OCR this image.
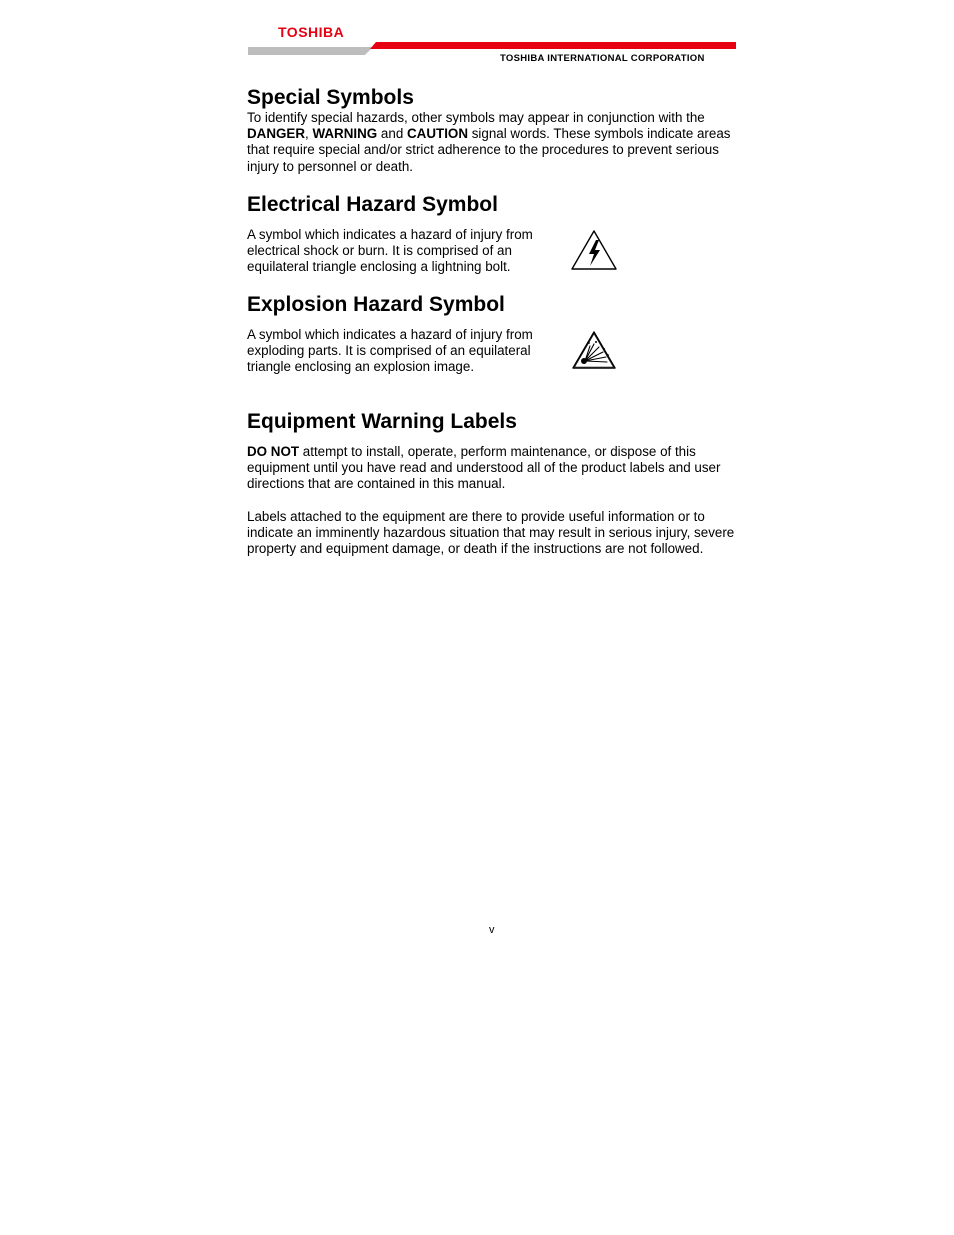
TOSHIBA
TOSHIBA INTERNATIONAL CORPORATION
Special Symbols

To identify special hazards, other symbols may appear in conjunction with the DANGER, WARNING and CAUTION signal words. These symbols indicate areas that require special and/or strict adherence to the procedures to prevent serious injury to personnel or death.

Electrical Hazard Symbol

A symbol which indicates a hazard of injury from electrical shock or burn. It is comprised of an equilateral triangle enclosing a lightning bolt.

Explosion Hazard Symbol

A symbol which indicates a hazard of injury from exploding parts. It is comprised of an equilateral triangle enclosing an explosion image.

Equipment Warning Labels

DO NOT attempt to install, operate, perform maintenance, or dispose of this equipment until you have read and understood all of the product labels and user directions that are contained in this manual.

Labels attached to the equipment are there to provide useful information or to indicate an imminently hazardous situation that may result in serious injury, severe property and equipment damage, or death if the instructions are not followed.

v
